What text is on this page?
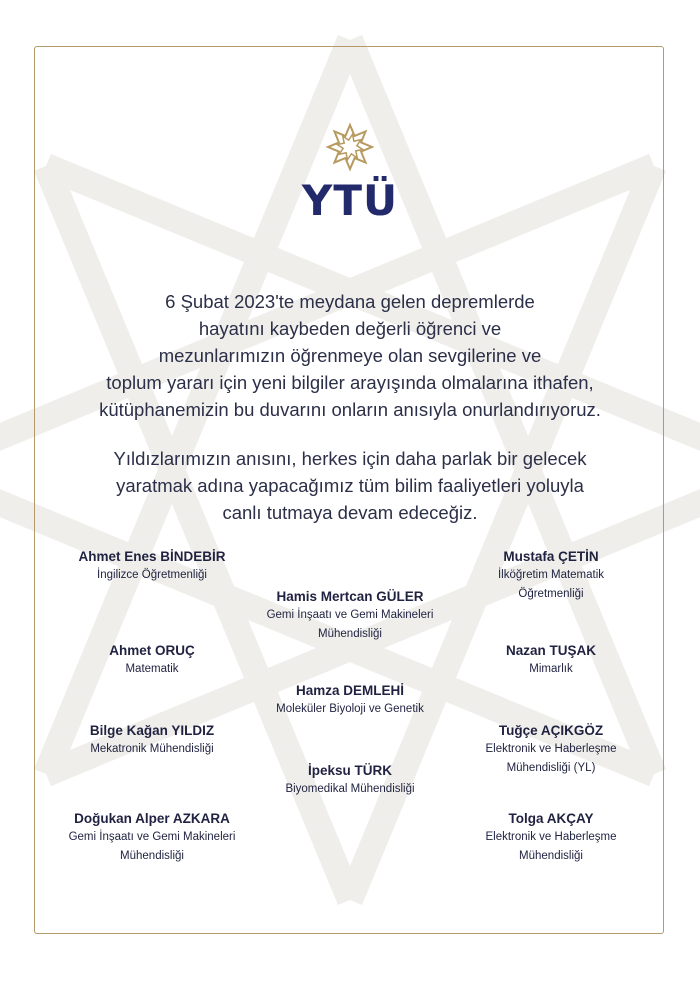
YTÜ
6 Şubat 2023'te meydana gelen depremlerde
hayatını kaybeden değerli öğrenci ve
mezunlarımızın öğrenmeye olan sevgilerine ve
toplum yararı için yeni bilgiler arayışında olmalarına ithafen,
kütüphanemizin bu duvarını onların anısıyla onurlandırıyoruz.
Yıldızlarımızın anısını, herkes için daha parlak bir gelecek
yaratmak adına yapacağımız tüm bilim faaliyetleri yoluyla
canlı tutmaya devam edeceğiz.
Ahmet Enes BİNDEBİR
İngilizce Öğretmenliği
Mustafa ÇETİN
İlköğretim Matematik
Öğretmenliği
Hamis Mertcan GÜLER
Gemi İnşaatı ve Gemi Makineleri
Mühendisliği
Ahmet ORUÇ
Matematik
Nazan TUŞAK
Mimarlık
Hamza DEMLEHİ
Moleküler Biyoloji ve Genetik
Bilge Kağan YILDIZ
Mekatronik Mühendisliği
Tuğçe AÇIKGÖZ
Elektronik ve Haberleşme
Mühendisliği (YL)
İpeksu TÜRK
Biyomedikal Mühendisliği
Doğukan Alper AZKARA
Gemi İnşaatı ve Gemi Makineleri
Mühendisliği
Tolga AKÇAY
Elektronik ve Haberleşme
Mühendisliği
